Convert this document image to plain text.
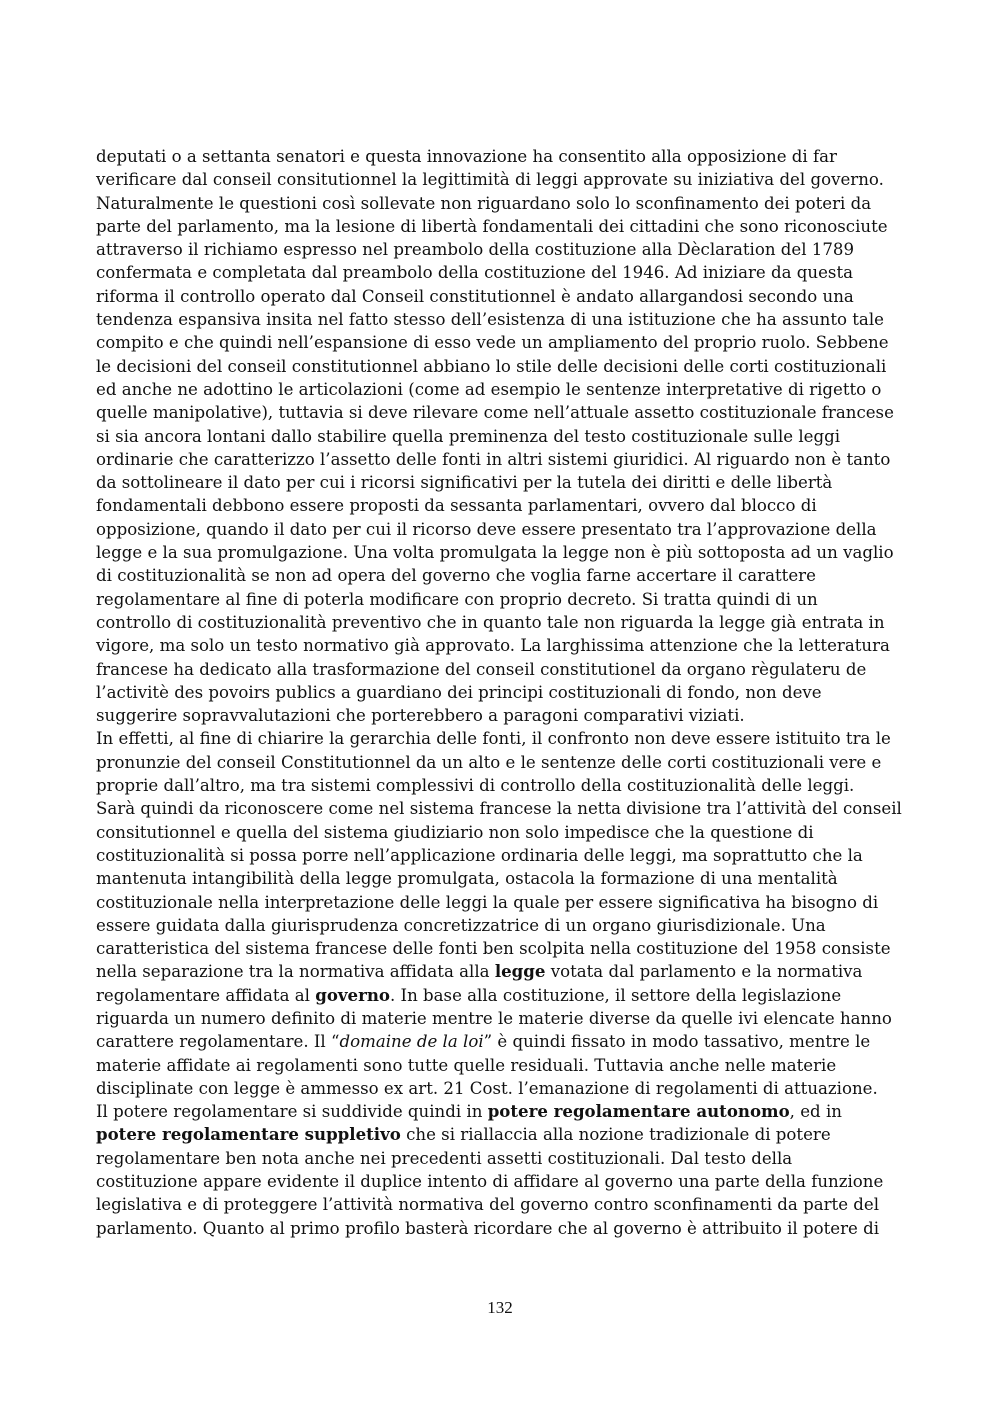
deputati o a settanta senatori e questa innovazione ha consentito alla opposizione di far
verificare dal conseil consitutionnel la legittimità di leggi approvate su iniziativa del governo.
Naturalmente le questioni così sollevate non riguardano solo lo sconfinamento dei poteri da
parte del parlamento, ma la lesione di libertà fondamentali dei cittadini che sono riconosciute
attraverso il richiamo espresso nel preambolo della costituzione alla Dèclaration del 1789
confermata e completata dal preambolo della costituzione del 1946. Ad iniziare da questa
riforma il controllo operato dal Conseil constitutionnel è andato allargandosi secondo una
tendenza espansiva insita nel fatto stesso dell’esistenza di una istituzione che ha assunto tale
compito e che quindi nell’espansione di esso vede un ampliamento del proprio ruolo. Sebbene
le decisioni del conseil constitutionnel abbiano lo stile delle decisioni delle corti costituzionali
ed anche ne adottino le articolazioni (come ad esempio le sentenze interpretative di rigetto o
quelle manipolative), tuttavia si deve rilevare come nell’attuale assetto costituzionale francese
si sia ancora lontani dallo stabilire quella preminenza del testo costituzionale sulle leggi
ordinarie che caratterizzo l’assetto delle fonti in altri sistemi giuridici. Al riguardo non è tanto
da sottolineare il dato per cui i ricorsi significativi per la tutela dei diritti e delle libertà
fondamentali debbono essere proposti da sessanta parlamentari, ovvero dal blocco di
opposizione, quando il dato per cui il ricorso deve essere presentato tra l’approvazione della
legge e la sua promulgazione. Una volta promulgata la legge non è più sottoposta ad un vaglio
di costituzionalità se non ad opera del governo che voglia farne accertare il carattere
regolamentare al fine di poterla modificare con proprio decreto. Si tratta quindi di un
controllo di costituzionalità preventivo che in quanto tale non riguarda la legge già entrata in
vigore, ma solo un testo normativo già approvato. La larghissima attenzione che la letteratura
francese ha dedicato alla trasformazione del conseil constitutionel da organo règulateru de
l’activitè des povoirs publics a guardiano dei principi costituzionali di fondo, non deve
suggerire sopravvalutazioni che porterebbero a paragoni comparativi viziati.

In effetti, al fine di chiarire la gerarchia delle fonti, il confronto non deve essere istituito tra le
pronunzie del conseil Constitutionnel da un alto e le sentenze delle corti costituzionali vere e
proprie dall’altro, ma tra sistemi complessivi di controllo della costituzionalità delle leggi.
Sarà quindi da riconoscere come nel sistema francese la netta divisione tra l’attività del conseil
consitutionnel e quella del sistema giudiziario non solo impedisce che la questione di
costituzionalità si possa porre nell’applicazione ordinaria delle leggi, ma soprattutto che la
mantenuta intangibilità della legge promulgata, ostacola la formazione di una mentalità
costituzionale nella interpretazione delle leggi la quale per essere significativa ha bisogno di
essere guidata dalla giurisprudenza concretizzatrice di un organo giurisdizionale. Una
caratteristica del sistema francese delle fonti ben scolpita nella costituzione del 1958 consiste
nella separazione tra la normativa affidata alla legge votata dal parlamento e la normativa
regolamentare affidata al governo. In base alla costituzione, il settore della legislazione
riguarda un numero definito di materie mentre le materie diverse da quelle ivi elencate hanno
carattere regolamentare. Il “domaine de la loi” è quindi fissato in modo tassativo, mentre le
materie affidate ai regolamenti sono tutte quelle residuali. Tuttavia anche nelle materie
disciplinate con legge è ammesso ex art. 21 Cost. l’emanazione di regolamenti di attuazione.
Il potere regolamentare si suddivide quindi in potere regolamentare autonomo, ed in
potere regolamentare suppletivo che si riallaccia alla nozione tradizionale di potere
regolamentare ben nota anche nei precedenti assetti costituzionali. Dal testo della
costituzione appare evidente il duplice intento di affidare al governo una parte della funzione
legislativa e di proteggere l’attività normativa del governo contro sconfinamenti da parte del
parlamento. Quanto al primo profilo basterà ricordare che al governo è attribuito il potere di

132
